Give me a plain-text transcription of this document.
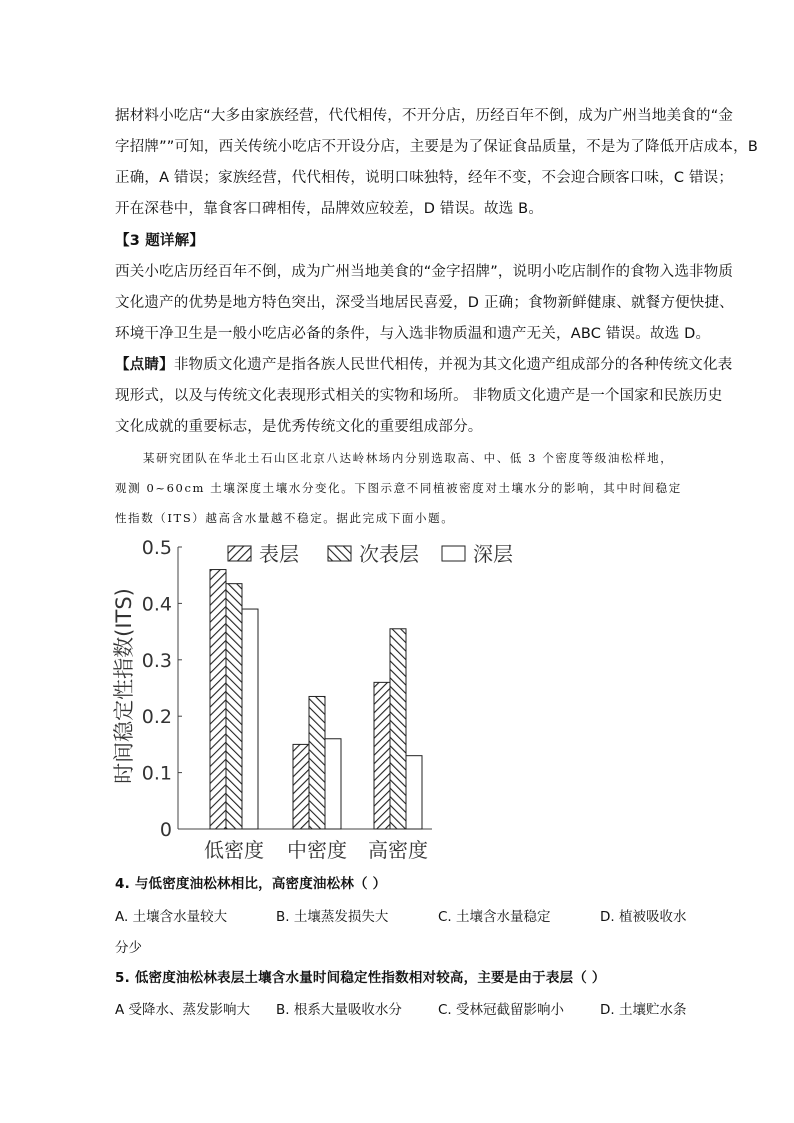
据材料小吃店“大多由家族经营，代代相传，不开分店，历经百年不倒，成为广州当地美食的“金
字招牌””可知，西关传统小吃店不开设分店，主要是为了保证食品质量，不是为了降低开店成本，B
正确，A 错误；家族经营，代代相传，说明口味独特，经年不变，不会迎合顾客口味，C 错误；
开在深巷中，靠食客口碑相传，品牌效应较差，D 错误。故选 B。
【3 题详解】
西关小吃店历经百年不倒，成为广州当地美食的“金字招牌”，说明小吃店制作的食物入选非物质
文化遗产的优势是地方特色突出，深受当地居民喜爱，D 正确；食物新鲜健康、就餐方便快捷、
环境干净卫生是一般小吃店必备的条件，与入选非物质温和遗产无关，ABC 错误。故选 D。
【点睛】非物质文化遗产是指各族人民世代相传，并视为其文化遗产组成部分的各种传统文化表
现形式，以及与传统文化表现形式相关的实物和场所。 非物质文化遗产是一个国家和民族历史
文化成就的重要标志，是优秀传统文化的重要组成部分。
某研究团队在华北土石山区北京八达岭林场内分别选取高、中、低 3 个密度等级油松样地，
观测 0~60cm 土壤深度土壤水分变化。下图示意不同植被密度对土壤水分的影响，其中时间稳定
性指数（ITS）越高含水量越不稳定。据此完成下面小题。
0
0.1
0.2
0.3
0.4
0.5
时间稳定性指数(ITS)
低密度 中密度 高密度
表层	次表层	深层
4. 与低密度油松林相比，高密度油松林（ ）
A. 土壤含水量较大	B. 土壤蒸发损失大	C. 土壤含水量稳定	D. 植被吸收水
分少
5. 低密度油松林表层土壤含水量时间稳定性指数相对较高，主要是由于表层（ ）
A 受降水、蒸发影响大 B. 根系大量吸收水分	C. 受林冠截留影响小	D. 土壤贮水条
